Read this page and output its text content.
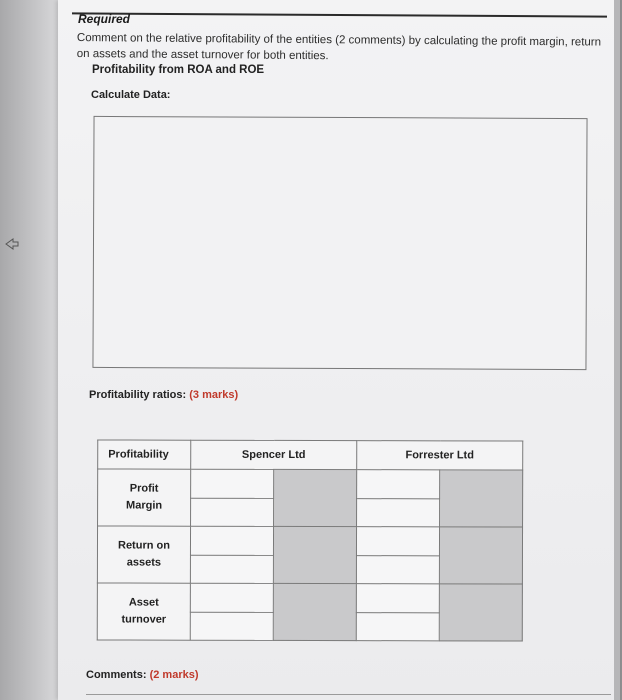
Required
Comment on the relative profitability of the entities (2 comments) by calculating the profit margin, return on assets and the asset turnover for both entities.
Profitability from ROA and ROE
Calculate Data:
Profitability ratios: (3 marks)
Profitability	Spencer Ltd		Forrester Ltd	
Profit
Margin				

Return on
assets				

Asset
turnover				

Comments: (2 marks)
